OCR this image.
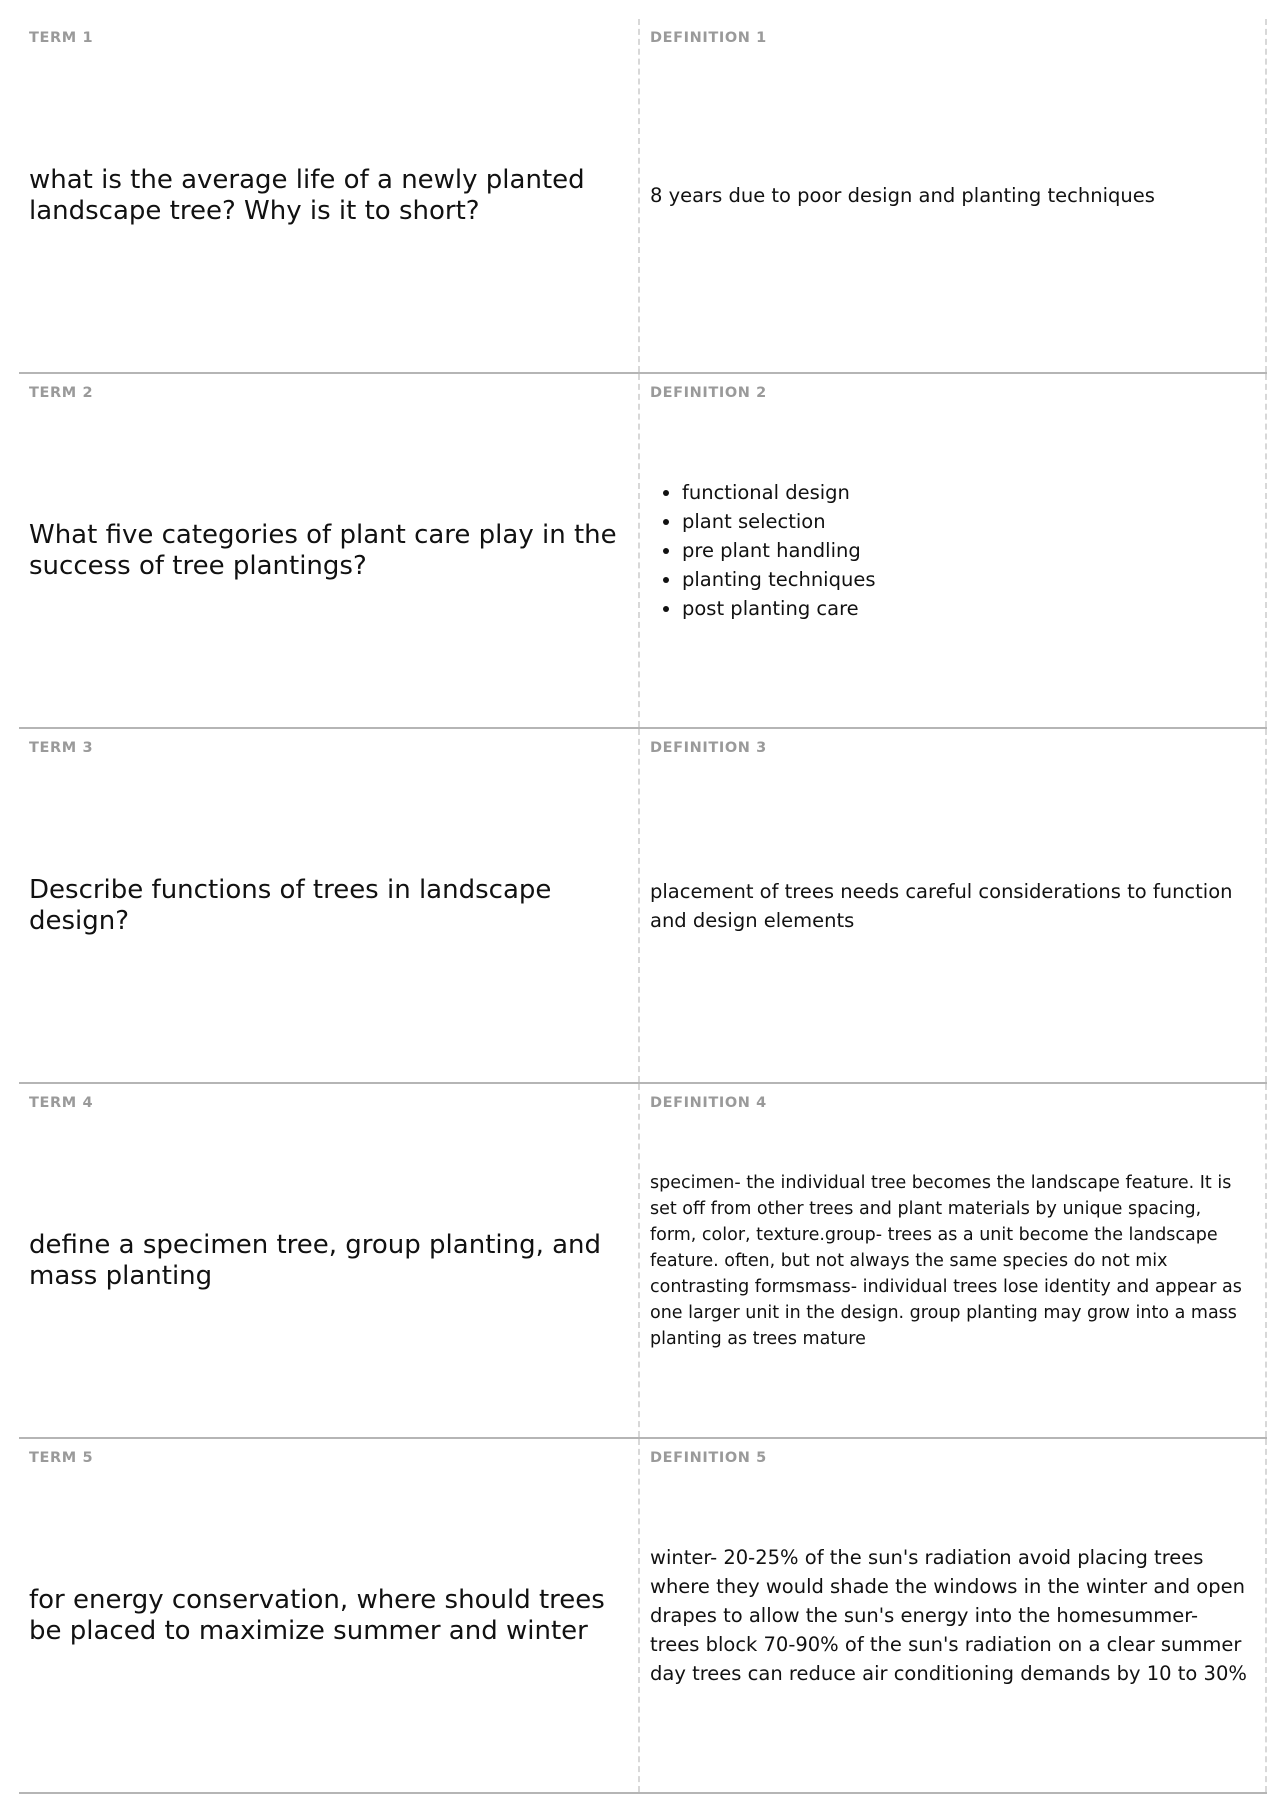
TERM 1
what is the average life of a newly planted landscape tree? Why is it to short?
DEFINITION 1
8 years due to poor design and planting techniques
TERM 2
What five categories of plant care play in the success of tree plantings?
DEFINITION 2
• functional design
• plant selection
• pre plant handling
• planting techniques
• post planting care
TERM 3
Describe functions of trees in landscape design?
DEFINITION 3
placement of trees needs careful considerations to function and design elements
TERM 4
define a specimen tree, group planting, and mass planting
DEFINITION 4
specimen- the individual tree becomes the landscape feature. It is set off from other trees and plant materials by unique spacing, form, color, texture.group- trees as a unit become the landscape feature. often, but not always the same species do not mix contrasting formsmass- individual trees lose identity and appear as one larger unit in the design. group planting may grow into a mass planting as trees mature
TERM 5
for energy conservation, where should trees be placed to maximize summer and winter
DEFINITION 5
winter- 20-25% of the sun's radiation avoid placing trees where they would shade the windows in the winter and open drapes to allow the sun's energy into the homesummer- trees block 70-90% of the sun's radiation on a clear summer day trees can reduce air conditioning demands by 10 to 30%
